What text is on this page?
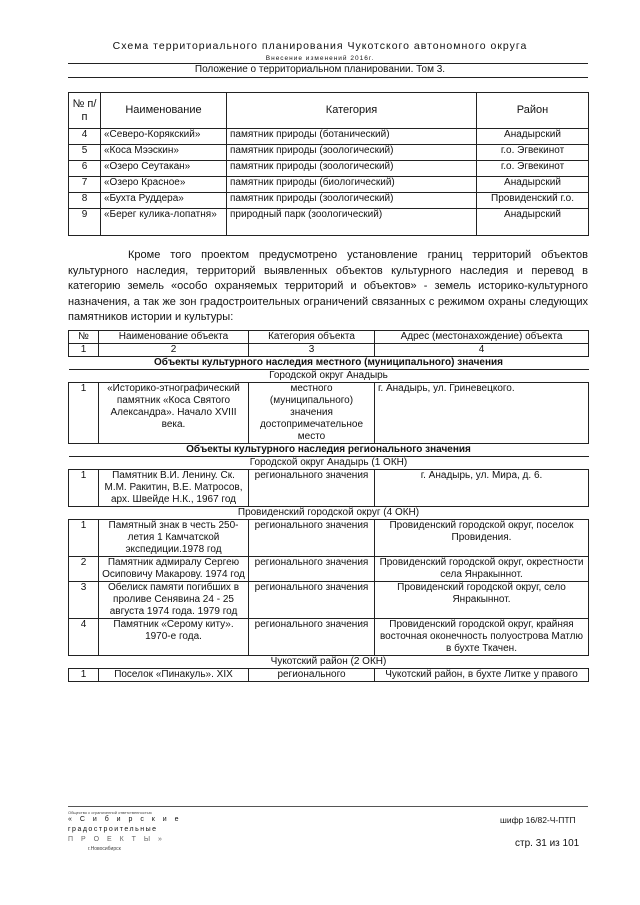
Схема территориального планирования Чукотского автономного округа
Внесение изменений 2016г.
Положение о территориальном планировании. Том 3.
№ п/п	Наименование	Категория	Район
4	«Северо-Корякский»	памятник природы (ботанический)	Анадырский
5	«Коса Мээскин»	памятник природы (зоологический)	г.о. Эгвекинот
6	«Озеро Сеутакан»	памятник природы (зоологический)	г.о. Эгвекинот
7	«Озеро Красное»	памятник природы (биологический)	Анадырский
8	«Бухта Руддера»	памятник природы (зоологический)	Провиденский г.о.
9	«Берег кулика-лопатня»	природный парк (зоологический)	Анадырский
Кроме того проектом предусмотрено установление границ территорий объектов культурного наследия, территорий выявленных объектов культурного наследия и перевод в категорию земель «особо охраняемых территорий и объектов» - земель историко-культурного назначения, а так же зон градостроительных ограничений связанных с режимом охраны следующих памятников истории и культуры:
№	Наименование объекта	Категория объекта	Адрес (местонахождение) объекта
1	2	3	4
Объекты культурного наследия местного (муниципального) значения			
Городской округ Анадырь			
1	«Историко-этнографический памятник «Коса Святого Александра». Начало XVIII века.	местного (муниципального) значения достопримечательное место	г. Анадырь, ул. Гриневецкого.
Объекты культурного наследия регионального значения			
Городской округ Анадырь (1 ОКН)			
1	Памятник В.И. Ленину. Ск. М.М. Ракитин, В.Е. Матросов, арх. Швейде Н.К., 1967 год	регионального значения	г. Анадырь, ул. Мира, д. 6.
Провиденский городской округ (4 ОКН)			
1	Памятный знак в честь 250-летия 1 Камчатской экспедиции.1978 год	регионального значения	Провиденский городской округ, поселок Провидения.
2	Памятник адмиралу Сергею Осиповичу Макарову. 1974 год	регионального значения	Провиденский городской округ, окрестности села Янракыннот.
3	Обелиск памяти погибших в проливе Сенявина 24 - 25 августа 1974 года. 1979 год	регионального значения	Провиденский городской округ, село Янракыннот.
4	Памятник «Серому киту». 1970-е года.	регионального значения	Провиденский городской округ, крайняя восточная оконечность полуострова Матлю в бухте Ткачен.
Чукотский район (2 ОКН)			
1	Поселок «Пинакуль». XIX	регионального	Чукотский район, в бухте Литке у правого
Общество с ограниченной ответственностью
« С и б и р с к и е
градостроительные
П Р О Е К Т Ы »
г.Новосибирск
шифр 16/82-Ч-ПТП
стр. 31 из 101
